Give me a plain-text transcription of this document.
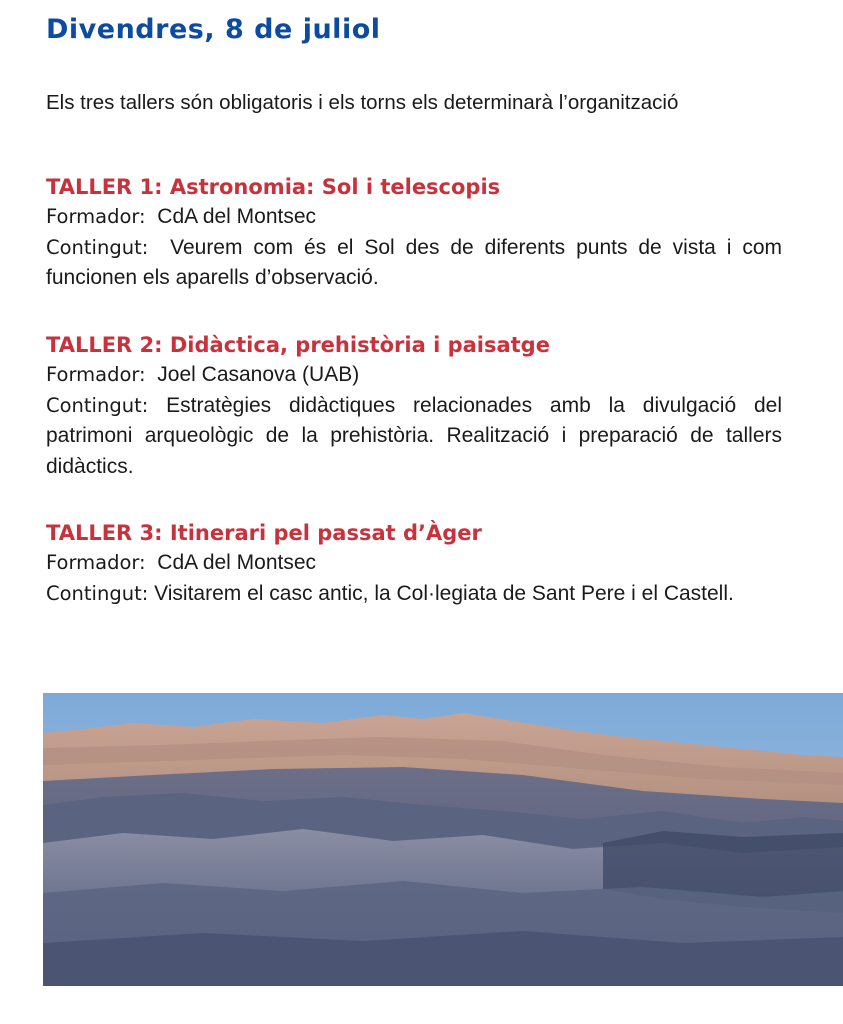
Divendres, 8 de juliol

Els tres tallers són obligatoris i els torns els determinarà l’organització

TALLER 1: Astronomia: Sol i telescopis

Formador: CdA del Montsec

Contingut: Veurem com és el Sol des de diferents punts de vista i com funcionen els aparells d’observació.

TALLER 2: Didàctica, prehistòria i paisatge

Formador: Joel Casanova (UAB)

Contingut: Estratègies didàctiques relacionades amb la divulgació del patrimoni arqueològic de la prehistòria. Realització i preparació de tallers didàctics.

TALLER 3: Itinerari pel passat d’Àger

Formador: CdA del Montsec

Contingut: Visitarem el casc antic, la Col·legiata de Sant Pere i el Castell.
